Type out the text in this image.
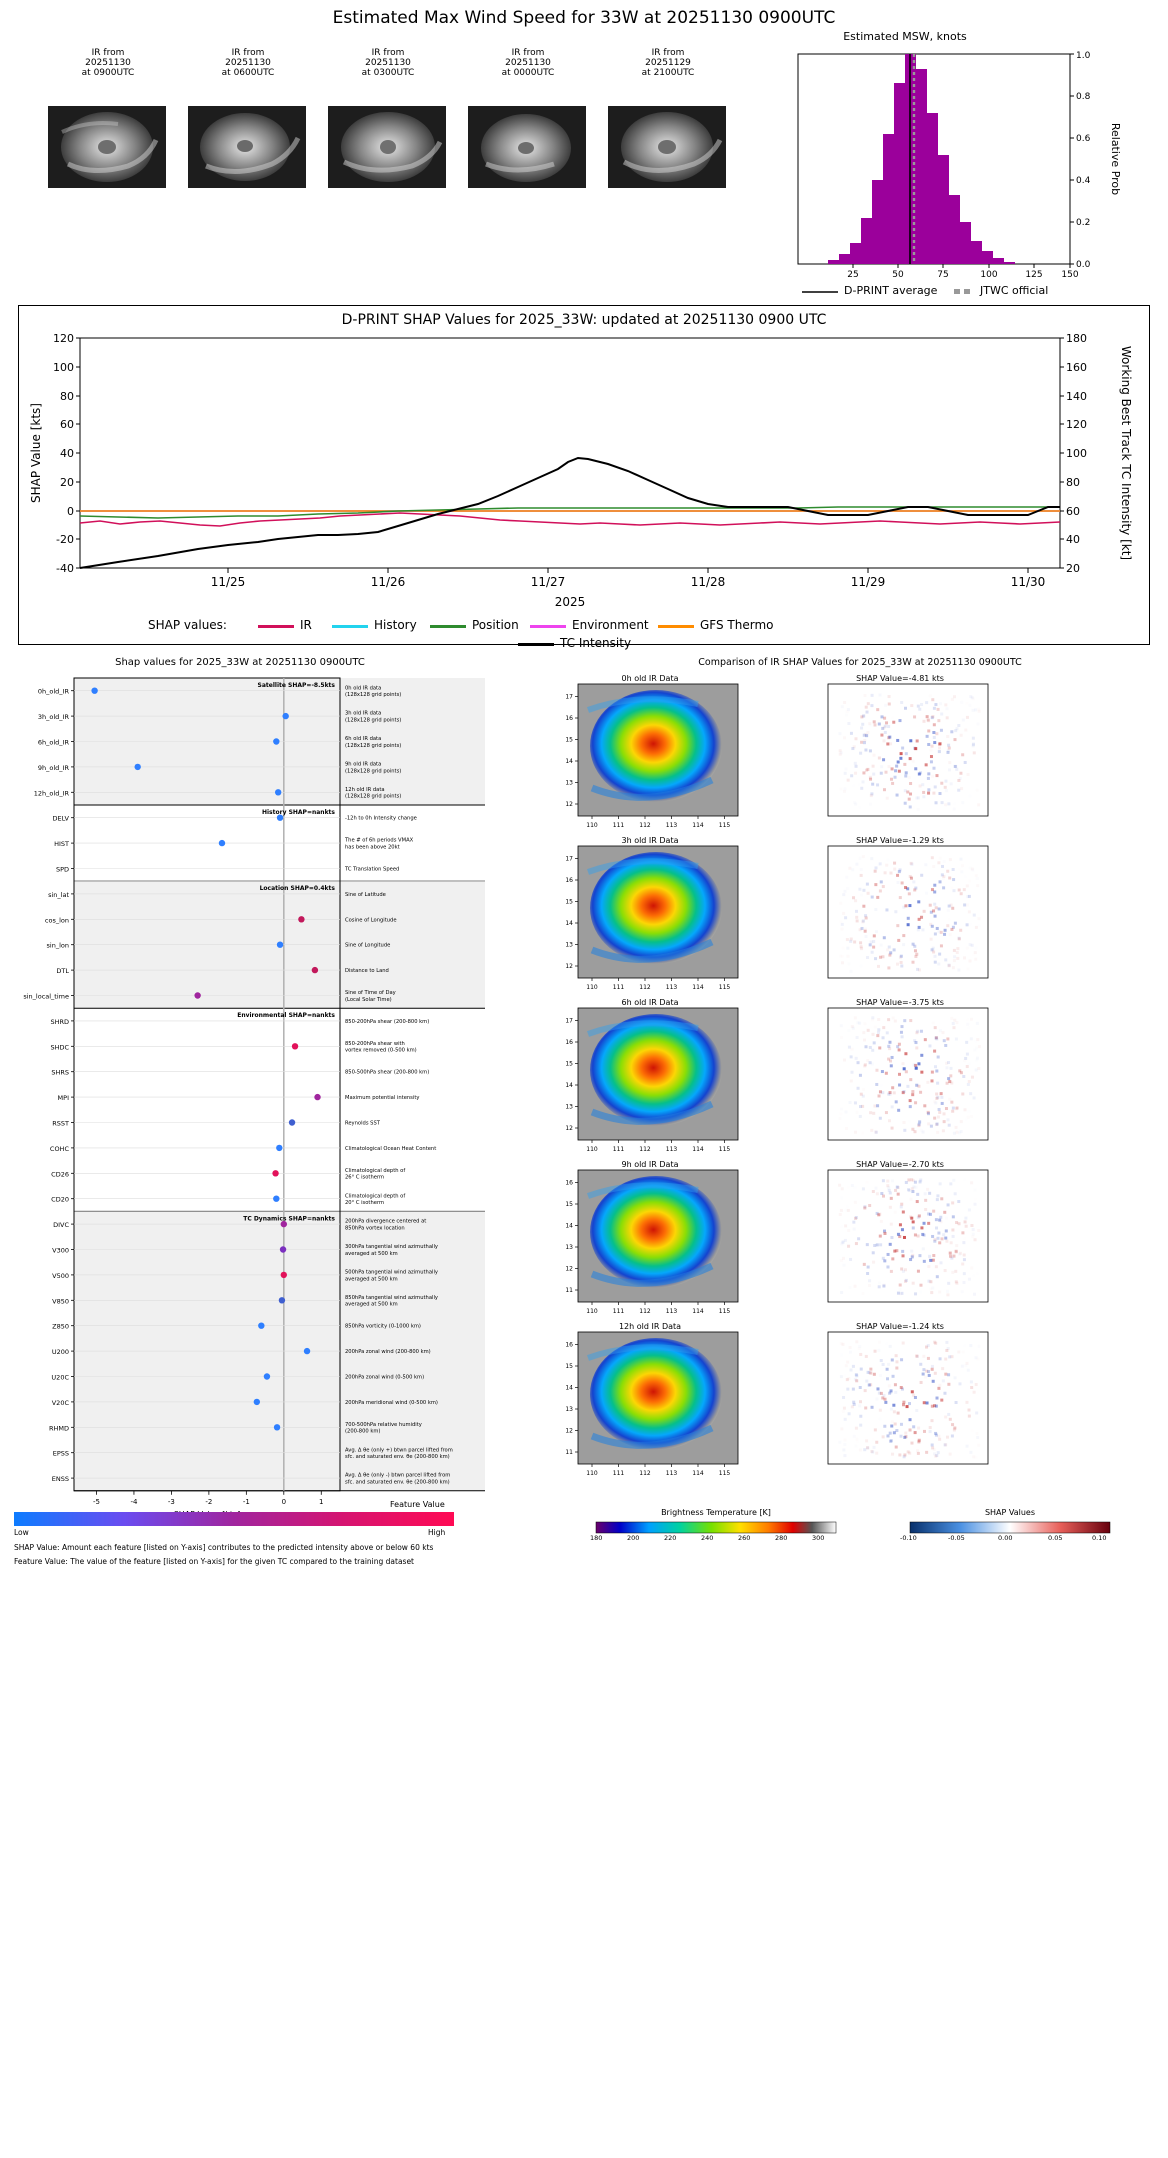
Estimated Max Wind Speed for 33W at 20251130 0900UTC
IR from
20251130
at 0900UTC
IR from
20251130
at 0600UTC
IR from
20251130
at 0300UTC
IR from
20251130
at 0000UTC
IR from
20251129
at 2100UTC
Estimated MSW, knots
25	50	75	100	125 150
0.0
0.2
0.4
0.6
0.8
1.0
Relative Prob
D-PRINT average	JTWC official
D-PRINT SHAP Values for 2025_33W: updated at 20251130 0900 UTC
120
100
80
60
40
20
0
-20
-40
180
160
140
120
100
80
60
40
20
11/25	11/26	11/27	11/28	11/29	11/30
SHAP Value [kts]	Working Best Track TC Intensity [kt]
2025
SHAP values:	IR	History	Position	Environment	GFS Thermo
TC Intensity
Shap values for 2025_33W at 20251130 0900UTC
0h_old_IR	0h old IR data
(128x128 grid points)
3h_old_IR	3h old IR data
(128x128 grid points)
6h_old_IR	6h old IR data
(128x128 grid points)
9h_old_IR	9h old IR data
(128x128 grid points)
12h_old_IR	12h old IR data
(128x128 grid points)
DELV	-12h to 0h Intensity change
HIST	The # of 6h periods VMAX
has been above 20kt
SPD	TC Translation Speed
sin_lat	Sine of Latitude
cos_lon	Cosine of Longitude
sin_lon	Sine of Longitude
DTL	Distance to Land
sin_local_time	Sine of Time of Day
(Local Solar Time)
SHRD	850-200hPa shear (200-800 km)
SHDC	850-200hPa shear with
vortex removed (0-500 km)
SHRS	850-500hPa shear (200-800 km)
MPI	Maximum potential intensity
RSST	Reynolds SST
COHC	Climatological Ocean Heat Content
CD26	Climatological depth of
26° C isotherm
CD20	Climatological depth of
20° C isotherm
DIVC	200hPa divergence centered at
850hPa vortex location
V300	300hPa tangential wind azimuthally
averaged at 500 km
V500	500hPa tangential wind azimuthally
averaged at 500 km
V850	850hPa tangential wind azimuthally
averaged at 500 km
Z850	850hPa vorticity (0-1000 km)
U200	200hPa zonal wind (200-800 km)
U20C	200hPa zonal wind (0-500 km)
V20C	200hPa meridional wind (0-500 km)
RHMD	700-500hPa relative humidity
(200-800 km)
EPSS	Avg. Δ θe (only +) btwn parcel lifted from
sfc. and saturated env. θe (200-800 km)
ENSS	Avg. Δ θe (only -) btwn parcel lifted from
sfc. and saturated env. θe (200-800 km)
Satellite SHAP=-8.5kts
History SHAP=nankts
Location SHAP=0.4kts
Environmental SHAP=nankts
TC Dynamics SHAP=nankts
-5	-4	-3	-2	-1	0	1	Feature Value
Low	High
SHAP Value: Amount each feature [listed on Y-axis] contributes to the predicted intensity above or below 60 kts
Feature Value: The value of the feature [listed on Y-axis] for the given TC compared to the training dataset
Comparison of IR SHAP Values for 2025_33W at 20251130 0900UTC
0h old IR Data	SHAP Value=-4.81 kts
110	111	112	113	114	115
12
13
14
15
16
17
3h old IR Data	SHAP Value=-1.29 kts
110	111	112	113	114	115
12
13
14
15
16
17
6h old IR Data	SHAP Value=-3.75 kts
110	111	112	113	114	115
12
13
14
15
16
17
9h old IR Data	SHAP Value=-2.70 kts
110	111	112	113	114	115
11
12
13
14
15
16
12h old IR Data	SHAP Value=-1.24 kts
110	111	112	113	114	115
11
12
13
14
15
16
Brightness Temperature [K]
180	200	220	240	260	280	300
SHAP Values
-0.10	-0.05	0.00	0.05	0.10
